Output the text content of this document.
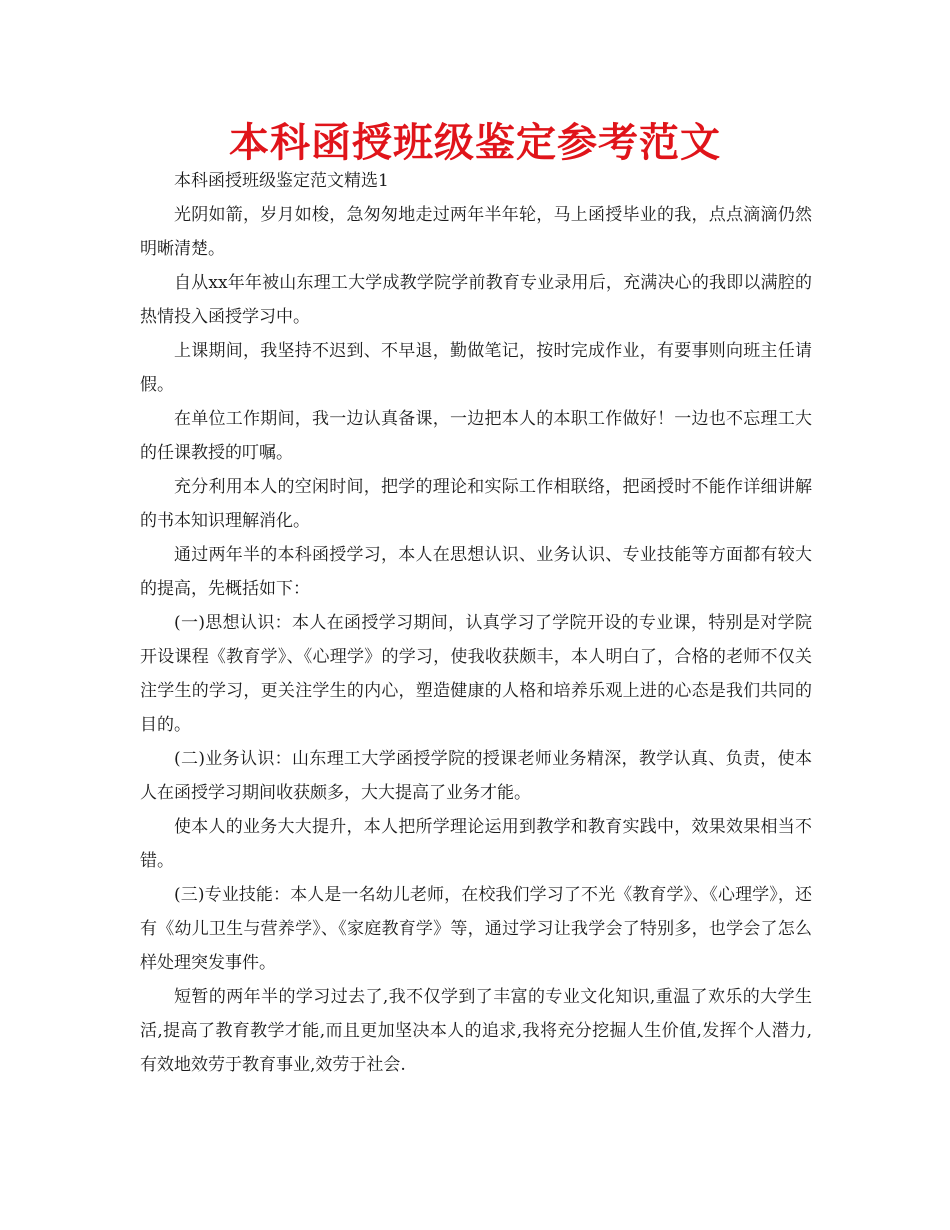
本科函授班级鉴定参考范文

本科函授班级鉴定范文精选1

光阴如箭，岁月如梭，急匆匆地走过两年半年轮，马上函授毕业的我，点点滴滴仍然明晰清楚。

自从xx年年被山东理工大学成教学院学前教育专业录用后，充满决心的我即以满腔的热情投入函授学习中。

上课期间，我坚持不迟到、不早退，勤做笔记，按时完成作业，有要事则向班主任请假。

在单位工作期间，我一边认真备课，一边把本人的本职工作做好！一边也不忘理工大的任课教授的叮嘱。

充分利用本人的空闲时间，把学的理论和实际工作相联络，把函授时不能作详细讲解的书本知识理解消化。

通过两年半的本科函授学习，本人在思想认识、业务认识、专业技能等方面都有较大的提高，先概括如下：

(一)思想认识：本人在函授学习期间，认真学习了学院开设的专业课，特别是对学院开设课程《教育学》、《心理学》的学习，使我收获颇丰，本人明白了，合格的老师不仅关注学生的学习，更关注学生的内心，塑造健康的人格和培养乐观上进的心态是我们共同的目的。

(二)业务认识：山东理工大学函授学院的授课老师业务精深，教学认真、负责，使本人在函授学习期间收获颇多，大大提高了业务才能。

使本人的业务大大提升，本人把所学理论运用到教学和教育实践中，效果效果相当不错。

(三)专业技能：本人是一名幼儿老师，在校我们学习了不光《教育学》、《心理学》，还有《幼儿卫生与营养学》、《家庭教育学》等，通过学习让我学会了特别多，也学会了怎么样处理突发事件。

短暂的两年半的学习过去了,我不仅学到了丰富的专业文化知识,重温了欢乐的大学生活,提高了教育教学才能,而且更加坚决本人的追求,我将充分挖掘人生价值,发挥个人潜力,有效地效劳于教育事业,效劳于社会.
